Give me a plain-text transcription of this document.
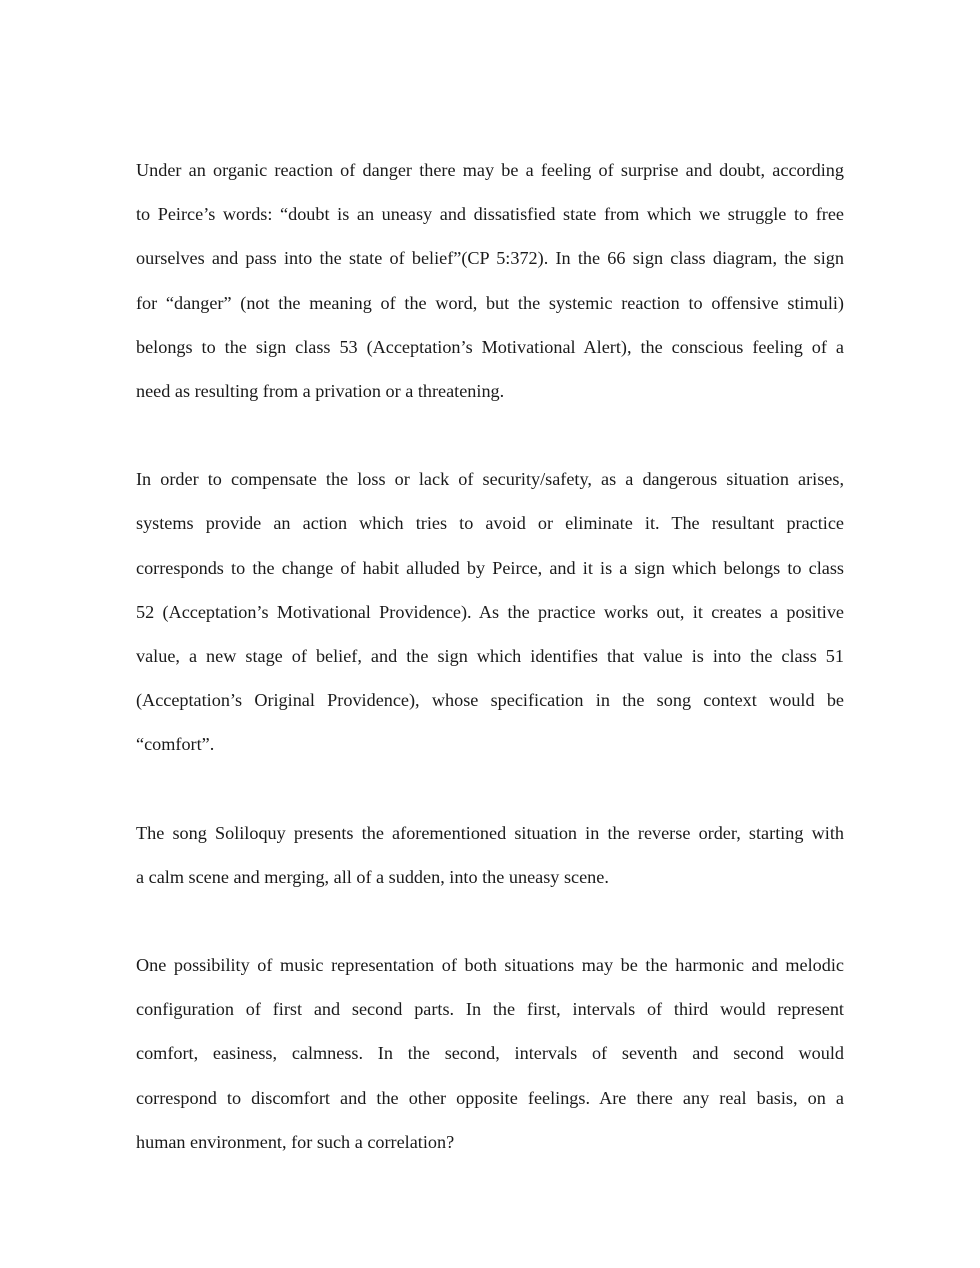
Under an organic reaction of danger there may be a feeling of surprise and doubt, according
to Peirce’s words: “doubt is an uneasy and dissatisfied state from which we struggle to free
ourselves and pass into the state of belief”(CP 5:372). In the 66 sign class diagram, the sign
for “danger” (not the meaning of the word, but the systemic reaction to offensive stimuli)
belongs to the sign class 53 (Acceptation’s Motivational Alert), the conscious feeling of a
need as resulting from a privation or a threatening.

In order to compensate the loss or lack of security/safety, as a dangerous situation arises,
systems provide an action which tries to avoid or eliminate it. The resultant practice
corresponds to the change of habit alluded by Peirce, and it is a sign which belongs to class
52 (Acceptation’s Motivational Providence). As the practice works out, it creates a positive
value, a new stage of belief, and the sign which identifies that value is into the class 51
(Acceptation’s Original Providence), whose specification in the song context would be
“comfort”.

The song Soliloquy presents the aforementioned situation in the reverse order, starting with
a calm scene and merging, all of a sudden, into the uneasy scene.

One possibility of music representation of both situations may be the harmonic and melodic
configuration of first and second parts. In the first, intervals of third would represent
comfort, easiness, calmness. In the second, intervals of seventh and second would
correspond to discomfort and the other opposite feelings. Are there any real basis, on a
human environment, for such a correlation?
